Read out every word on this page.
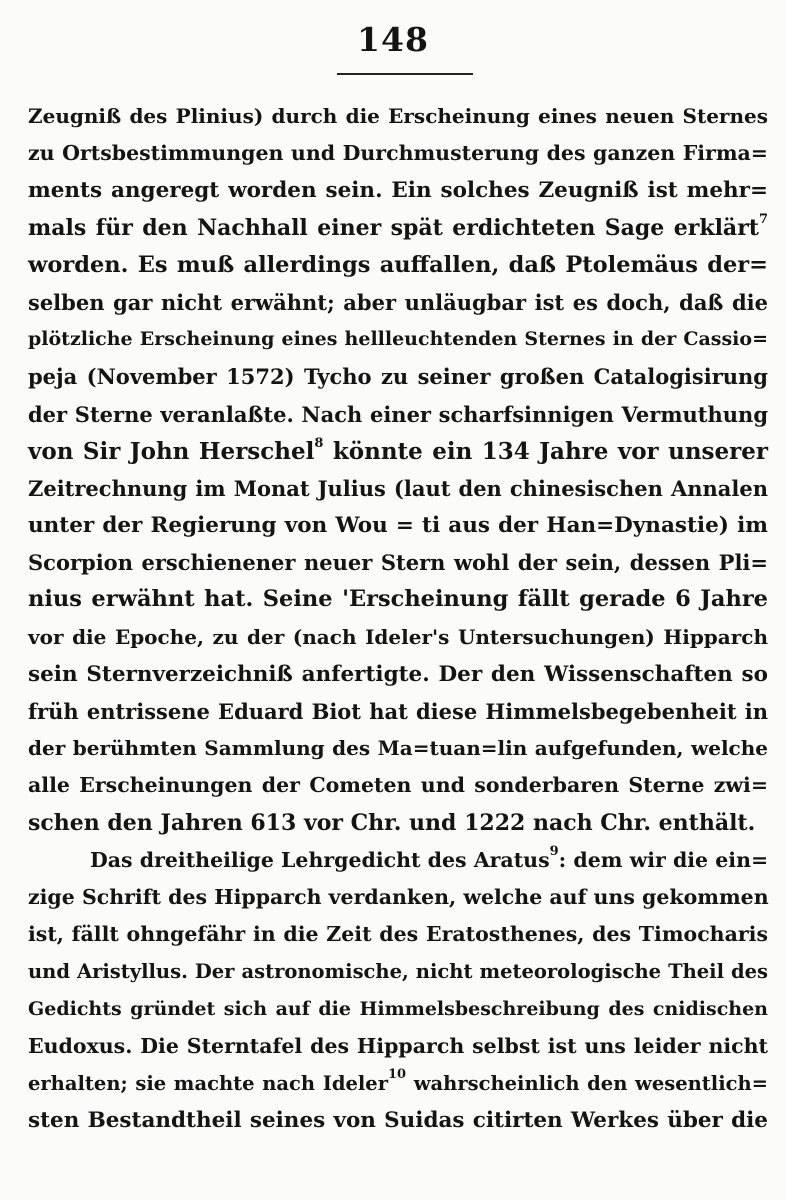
148
Zeugniß des Plinius) durch die Erscheinung eines neuen Sternes
zu Ortsbestimmungen und Durchmusterung des ganzen Firma=
ments angeregt worden sein. Ein solches Zeugniß ist mehr=
mals für den Nachhall einer spät erdichteten Sage erklärt$^7$
worden. Es muß allerdings auffallen, daß Ptolemäus der=
selben gar nicht erwähnt; aber unläugbar ist es doch, daß die
plötzliche Erscheinung eines hellleuchtenden Sternes in der Cassio=
peja (November 1572) Tycho zu seiner großen Catalogisirung
der Sterne veranlaßte. Nach einer scharfsinnigen Vermuthung
von Sir John Herschel$^8$ könnte ein 134 Jahre vor unserer
Zeitrechnung im Monat Julius (laut den chinesischen Annalen
unter der Regierung von Wou = ti aus der Han=Dynastie) im
Scorpion erschienener neuer Stern wohl der sein, dessen Pli=
nius erwähnt hat. Seine 'Erscheinung fällt gerade 6 Jahre
vor die Epoche, zu der (nach Ideler's Untersuchungen) Hipparch
sein Sternverzeichniß anfertigte. Der den Wissenschaften so
früh entrissene Eduard Biot hat diese Himmelsbegebenheit in
der berühmten Sammlung des Ma=tuan=lin aufgefunden, welche
alle Erscheinungen der Cometen und sonderbaren Sterne zwi=
schen den Jahren 613 vor Chr. und 1222 nach Chr. enthält.
Das dreitheilige Lehrgedicht des Aratus$^9$: dem wir die ein=
zige Schrift des Hipparch verdanken, welche auf uns gekommen
ist, fällt ohngefähr in die Zeit des Eratosthenes, des Timocharis
und Aristyllus. Der astronomische, nicht meteorologische Theil des
Gedichts gründet sich auf die Himmelsbeschreibung des cnidischen
Eudoxus. Die Sterntafel des Hipparch selbst ist uns leider nicht
erhalten; sie machte nach Ideler$^{10}$ wahrscheinlich den wesentlich=
sten Bestandtheil seines von Suidas citirten Werkes über die
